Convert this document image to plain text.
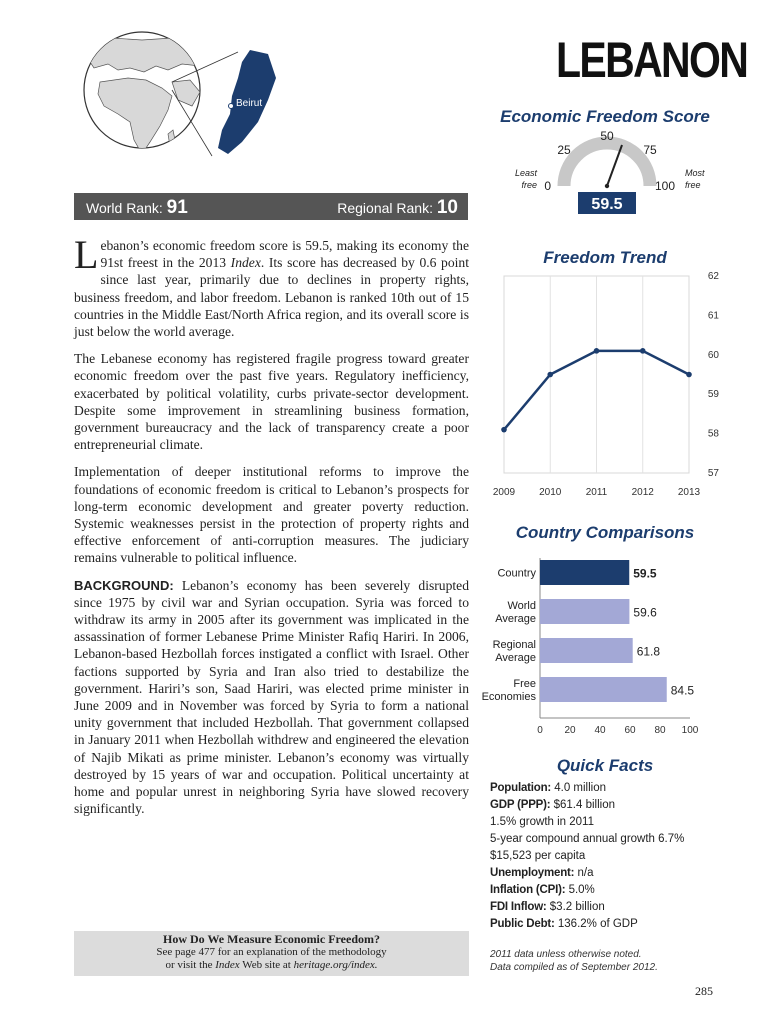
LEBANON
Beirut
Economic Freedom Score
0
25
50
75
100
Least
free
Most
free
59.5
World Rank: 91	Regional Rank: 10

Lebanon’s economic freedom score is 59.5, making its economy the 91st freest in the 2013 Index. Its score has decreased by 0.6 point since last year, primarily due to declines in property rights, business freedom, and labor freedom. Lebanon is ranked 10th out of 15 countries in the Middle East/North Africa region, and its overall score is just below the world average.

The Lebanese economy has registered fragile progress toward greater economic freedom over the past five years. Regulatory inefficiency, exacerbated by political volatility, curbs private-sector development. Despite some improvement in streamlining business formation, government bureaucracy and the lack of transparency create a poor entrepreneurial climate.

Implementation of deeper institutional reforms to improve the foundations of economic freedom is critical to Lebanon’s prospects for long-term economic development and greater poverty reduction. Systemic weaknesses persist in the protection of property rights and effective enforcement of anti-corruption measures. The judiciary remains vulnerable to political influence.

BACKGROUND: Lebanon’s economy has been severely disrupted since 1975 by civil war and Syrian occupation. Syria was forced to withdraw its army in 2005 after its government was implicated in the assassination of former Lebanese Prime Minister Rafiq Hariri. In 2006, Lebanon-based Hezbollah forces instigated a conflict with Israel. Other factions supported by Syria and Iran also tried to destabilize the government. Hariri’s son, Saad Hariri, was elected prime minister in June 2009 and in November was forced by Syria to form a national unity government that included Hezbollah. That government collapsed in January 2011 when Hezbollah withdrew and engineered the elevation of Najib Mikati as prime minister. Lebanon’s economy was virtually destroyed by 15 years of war and occupation. Political uncertainty at home and popular unrest in neighboring Syria have slowed recovery significantly.

How Do We Measure Economic Freedom?
See page 477 for an explanation of the methodology
or visit the Index Web site at heritage.org/index.
Freedom Trend
2009 2010 2011 2012 2013
57
58
59
60
61
62
Country Comparisons
0 20 40 60 80 100
Country	59.5
World
Average	59.6
Regional
Average	61.8
Free
Economies	84.5
Quick Facts
Population: 4.0 million
GDP (PPP): $61.4 billion
1.5% growth in 2011
5-year compound annual growth 6.7%
$15,523 per capita
Unemployment: n/a
Inflation (CPI): 5.0%
FDI Inflow: $3.2 billion
Public Debt: 136.2% of GDP
2011 data unless otherwise noted.
Data compiled as of September 2012.
285
